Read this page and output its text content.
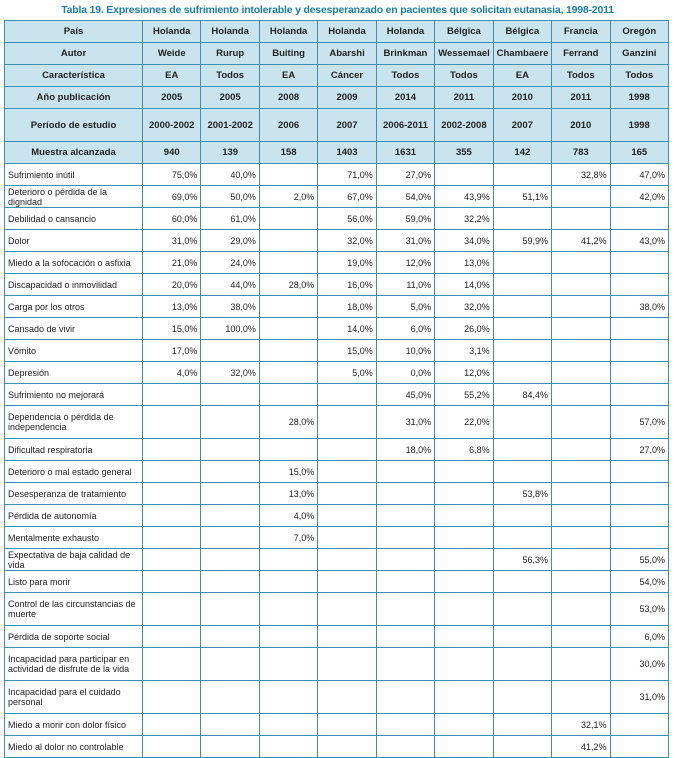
Tabla 19. Expresiones de sufrimiento intolerable y desesperanzado en pacientes que solicitan eutanasia, 1998-2011
País	Holanda	Holanda	Holanda	Holanda	Holanda	Bélgica	Bélgica	Francia	Oregón
Autor	Weide	Rurup	Buiting	Abarshi	Brinkman	Wessemael	Chambaere	Ferrand	Ganzini
Característica	EA	Todos	EA	Cáncer	Todos	Todos	EA	Todos	Todos
Año publicación	2005	2005	2008	2009	2014	2011	2010	2011	1998
Período de estudio	2000-2002	2001-2002	2006	2007	2006-2011	2002-2008	2007	2010	1998
Muestra alcanzada	940	139	158	1403	1631	355	142	783	165
Sufrimiento inútil	75,0%	40,0%		71,0%	27,0%			32,8%	47,0%
Deterioro o pérdida de la dignidad	69,0%	50,0%	2,0%	67,0%	54,0%	43,9%	51,1%		42,0%
Debilidad o cansancio	60,0%	61,0%		56,0%	59,0%	32,2%			
Dolor	31,0%	29,0%		32,0%	31,0%	34,0%	59,9%	41,2%	43,0%
Miedo a la sofocación o asfixia	21,0%	24,0%		19,0%	12,0%	13,0%			
Discapacidad o inmovilidad	20,0%	44,0%	28,0%	16,0%	11,0%	14,0%			
Carga por los otros	13,0%	38,0%		18,0%	5,0%	32,0%			38,0%
Cansado de vivir	15,0%	100,0%		14,0%	6,0%	26,0%			
Vómito	17,0%			15,0%	10,0%	3,1%			
Depresión	4,0%	32,0%		5,0%	0,0%	12,0%			
Sufrimiento no mejorará					45,0%	55,2%	84,4%		
Dependencia o pérdida de independencia			28,0%		31,0%	22,0%			57,0%
Dificultad respiratoria					18,0%	6,8%			27,0%
Deterioro o mal estado general			15,0%						
Desesperanza de tratamiento			13,0%				53,8%		
Pérdida de autonomía			4,0%						
Mentalmente exhausto			7,0%						
Expectativa de baja calidad de vida							56,3%		55,0%
Listo para morir									54,0%
Control de las circunstancias de muerte									53,0%
Pérdida de soporte social									6,0%
Incapacidad para participar en actividad de disfrute de la vida									30,0%
Incapacidad para el cuidado personal									31,0%
Miedo a morir con dolor físico								32,1%	
Miedo al dolor no controlable								41,2%	
